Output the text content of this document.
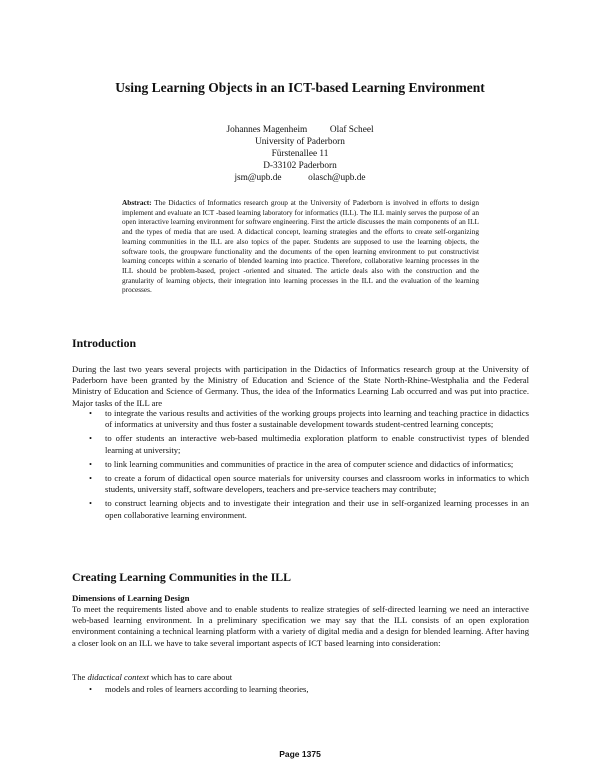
Using Learning Objects in an ICT-based Learning Environment
Johannes Magenheim Olaf Scheel
University of Paderborn
Fürstenallee 11
D-33102 Paderborn
jsm@upb.de	olasch@upb.de
Abstract: The Didactics of Informatics research group at the University of Paderborn is involved in efforts to design implement and evaluate an ICT -based learning laboratory for informatics (ILL). The ILL mainly serves the purpose of an open interactive learning environment for software engineering. First the article discusses the main components of an ILL and the types of media that are used. A didactical concept, learning strategies and the efforts to create self-organizing learning communities in the ILL are also topics of the paper. Students are supposed to use the learning objects, the software tools, the groupware functionality and the documents of the open learning environment to put constructivist learning concepts within a scenario of blended learning into practice. Therefore, collaborative learning processes in the ILL should be problem-based, project -oriented and situated. The article deals also with the construction and the granularity of learning objects, their integration into learning processes in the ILL and the evaluation of the learning processes.
Introduction
During the last two years several projects with participation in the Didactics of Informatics research group at the University of Paderborn have been granted by the Ministry of Education and Science of the State North-Rhine-Westphalia and the Federal Ministry of Education and Science of Germany. Thus, the idea of the Informatics Learning Lab occurred and was put into practice. Major tasks of the ILL are
• to integrate the various results and activities of the working groups projects into learning and teaching practice in didactics of informatics at university and thus foster a sustainable development towards student-centred learning concepts;
• to offer students an interactive web-based multimedia exploration platform to enable constructivist types of blended learning at university;
• to link learning communities and communities of practice in the area of computer science and didactics of informatics;
• to create a forum of didactical open source materials for university courses and classroom works in informatics to which students, university staff, software developers, teachers and pre-service teachers may contribute;
• to construct learning objects and to investigate their integration and their use in self-organized learning processes in an open collaborative learning environment.
Creating Learning Communities in the ILL
Dimensions of Learning Design
To meet the requirements listed above and to enable students to realize strategies of self-directed learning we need an interactive web-based learning environment. In a preliminary specification we may say that the ILL consists of an open exploration environment containing a technical learning platform with a variety of digital media and a design for blended learning. After having a closer look on an ILL we have to take several important aspects of ICT based learning into consideration:
The didactical context which has to care about
• models and roles of learners according to learning theories,
Page 1375
